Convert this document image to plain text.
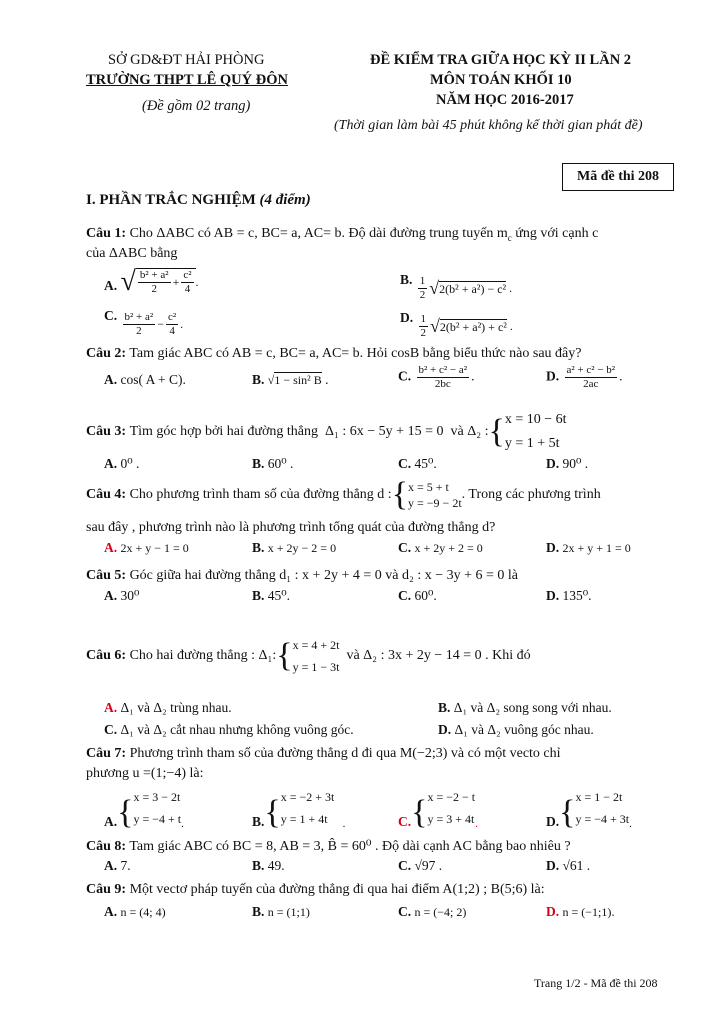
SỞ GD&ĐT HẢI PHÒNG
TRƯỜNG THPT LÊ QUÝ ĐÔN
(Đề gồm 02 trang)
ĐỀ KIỂM TRA GIỮA HỌC KỲ II LẦN 2
MÔN TOÁN KHỐI 10
NĂM HỌC 2016-2017
(Thời gian làm bài 45 phút không kể thời gian phát đề)
Mã đề thi 208
I. PHẦN TRẮC NGHIỆM (4 điểm)
Câu 1: Cho ΔABC có AB = c, BC= a, AC= b. Độ dài đường trung tuyến $m_c$ ứng với cạnh c
của ΔABC bằng
A. √ $\frac{\text{b² + a²}}{2} + \frac{\text{c²}}{4}$ .	B. $\frac{1}{2}$ √ 2(b² + a²) − c² .
C. $\frac{\text{b² + a²}}{2} - \frac{\text{c²}}{4}$ .	D. $\frac{1}{2}$ √ 2(b² + a²) + c² .
Câu 2: Tam giác ABC có AB = c, BC= a, AC= b. Hỏi cosB bằng biểu thức nào sau đây?
A. cos( A + C).	B. √1 − sin² B .	C. $\frac{\text{b² + c² − a²}}{2bc}$ .	D. $\frac{\text{a² + c² − b²}}{2ac}$ .
Câu 3:
Tìm góc hợp bởi hai đường thẳng
Δ₁ : 6x − 5y + 15 = 0
và
Δ₂ : { x = 10 − 6t
y = 1 + 5t
A. 0⁰ .	B. 60⁰ .	C. 45⁰.	D. 90⁰ .
Câu 4:
Cho phương trình tham số của đường thẳng d : { x = 5 + t
y = −9 − 2t
. Trong các phương trình
sau đây , phương trình nào là phương trình tổng quát của đường thẳng d?
A. 2x + y − 1 = 0	B. x + 2y − 2 = 0	C. x + 2y + 2 = 0	D. 2x + y + 1 = 0
Câu 5: Góc giữa hai đường thẳng d₁ : x + 2y + 4 = 0 và d₂ : x − 3y + 6 = 0 là
A. 30⁰	B. 45⁰.	C. 60⁰.	D. 135⁰.
Câu 6:
Cho hai đường thẳng : Δ₁: { x = 4 + 2t
y = 1 − 3t

và Δ₂ : 3x + 2y − 14 = 0 . Khi đó
A. Δ₁ và Δ₂ trùng nhau.	B. Δ₁ và Δ₂ song song với nhau.
C. Δ₁ và Δ₂ cắt nhau nhưng không vuông góc.	D. Δ₁ và Δ₂ vuông góc nhau.
Câu 7: Phương trình tham số của đường thẳng d đi qua M(−2;3) và có một vecto chỉ
phương u =(1;−4) là:
A. { x = 3 − 2t
y = −4 + t .	B. { x = −2 + 3t
y = 1 + 4t .	C. { x = −2 − t
y = 3 + 4t .	D. { x = 1 − 2t
y = −4 + 3t .
Câu 8: Tam giác ABC có BC = 8, AB = 3, B̂ = 60⁰ . Độ dài cạnh AC bằng bao nhiêu ?
A. 7.	B. 49.	C. √97 .	D. √61 .
Câu 9: Một vectơ pháp tuyến của đường thẳng đi qua hai điểm A(1;2) ; B(5;6) là:
A. n = (4; 4)	B. n = (1;1)	C. n = (−4; 2)	D. n = (−1;1).
Trang 1/2 - Mã đề thi 208
